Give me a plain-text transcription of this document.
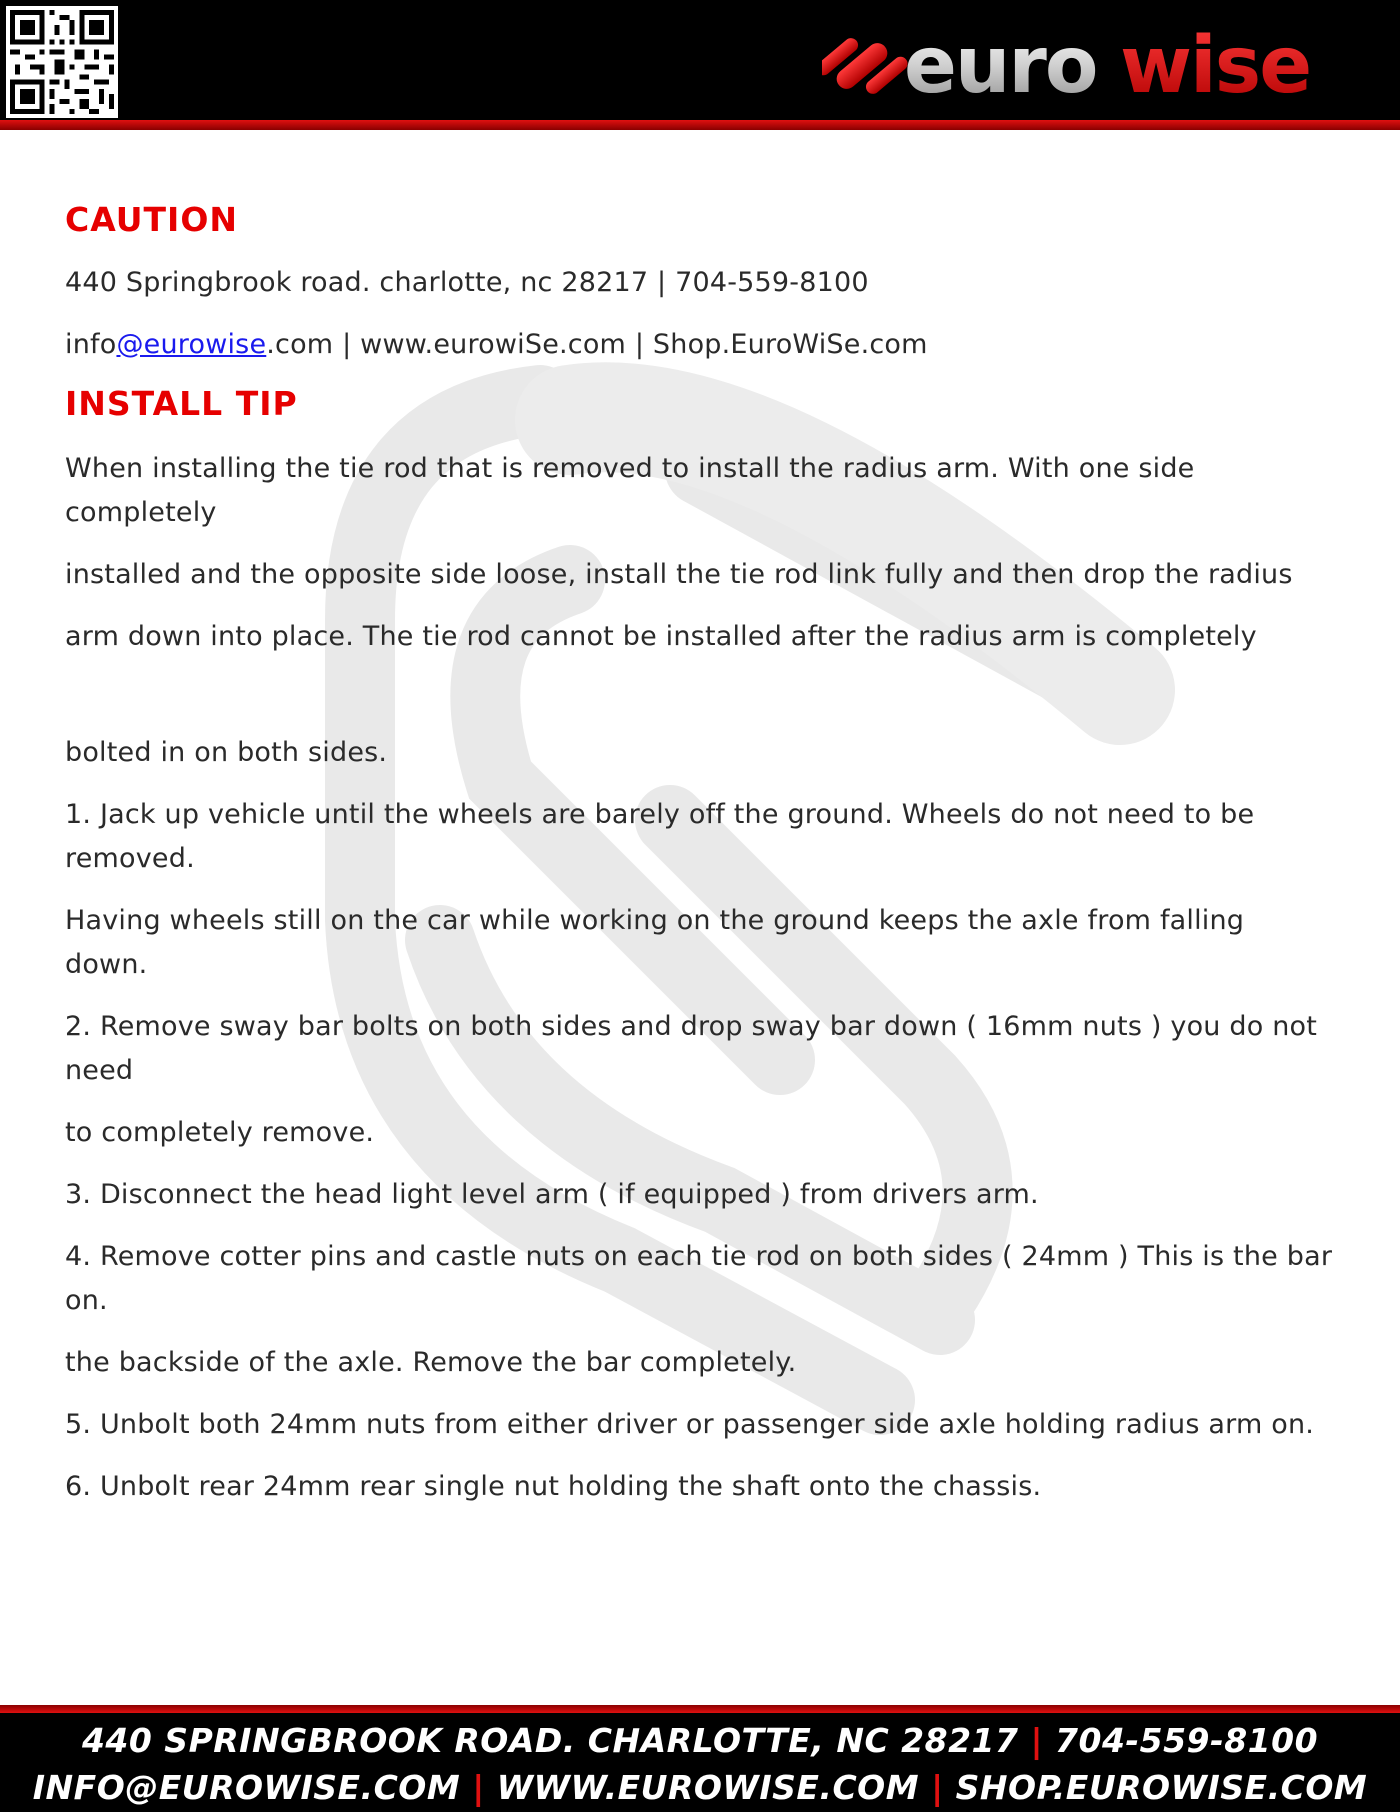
euro wise
CAUTION
440 Springbrook road. charlotte, nc 28217 | 704-559-8100
info@eurowise.com | www.eurowiSe.com | Shop.EuroWiSe.com
INSTALL TIP
When installing the tie rod that is removed to install the radius arm. With one side completely
installed and the opposite side loose, install the tie rod link fully and then drop the radius
arm down into place. The tie rod cannot be installed after the radius arm is completely
bolted in on both sides.
1. Jack up vehicle until the wheels are barely off the ground. Wheels do not need to be removed.
Having wheels still on the car while working on the ground keeps the axle from falling down.
2. Remove sway bar bolts on both sides and drop sway bar down ( 16mm nuts ) you do not need
to completely remove.
3. Disconnect the head light level arm ( if equipped ) from drivers arm.
4. Remove cotter pins and castle nuts on each tie rod on both sides ( 24mm ) This is the bar on.
the backside of the axle. Remove the bar completely.
5. Unbolt both 24mm nuts from either driver or passenger side axle holding radius arm on.
6. Unbolt rear 24mm rear single nut holding the shaft onto the chassis.
440 SPRINGBROOK ROAD. CHARLOTTE, NC 28217 | 704-559-8100
INFO@EUROWISE.COM | WWW.EUROWISE.COM | SHOP.EUROWISE.COM
